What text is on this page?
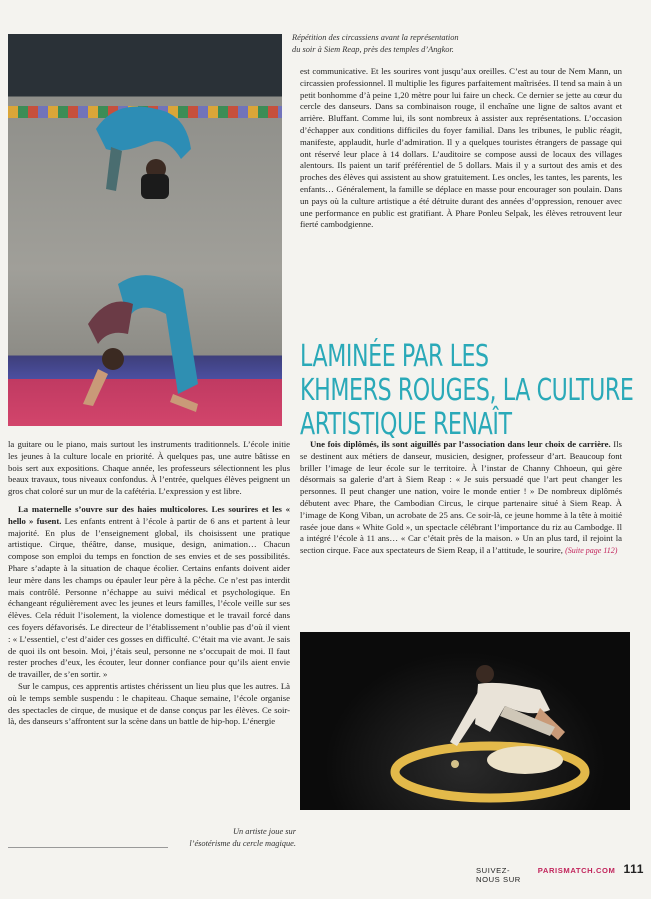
Répétition des circassiens avant la représentation
du soir à Siem Reap, près des temples d’Angkor.

est communicative. Et les sourires vont jusqu’aux oreilles. C’est au tour de Nem Mann, un circassien professionnel. Il multiplie les figures parfaitement maîtrisées. Il tend sa main à un petit bonhomme d’à peine 1,20 mètre pour lui faire un check. Ce dernier se jette au cœur du cercle des danseurs. Dans sa combinaison rouge, il enchaîne une ligne de saltos avant et arrière. Bluffant. Comme lui, ils sont nombreux à assister aux représentations. L’occasion d’échapper aux conditions difficiles du foyer familial. Dans les tribunes, le public réagit, manifeste, applaudit, hurle d’admiration. Il y a quelques touristes étrangers de passage qui ont réservé leur place à 14 dollars. L’auditoire se compose aussi de locaux des villages alentours. Ils paient un tarif préférentiel de 5 dollars. Mais il y a surtout des amis et des proches des élèves qui assistent au show gratuitement. Les oncles, les tantes, les parents, les enfants… Généralement, la famille se déplace en masse pour encourager son poulain. Dans un pays où la culture artistique a été détruite durant des années d’oppression, renouer avec une performance en public est gratifiant. À Phare Ponleu Selpak, les élèves retrouvent leur fierté cambodgienne.

LAMINÉE PAR LES
KHMERS ROUGES, LA CULTURE
ARTISTIQUE RENAÎT

la guitare ou le piano, mais surtout les instruments traditionnels. L’école initie les jeunes à la culture locale en priorité. À quelques pas, une autre bâtisse en bois sert aux expositions. Chaque année, les professeurs sélectionnent les plus beaux travaux, tous niveaux confondus. À l’entrée, quelques élèves peignent un gros chat coloré sur un mur de la cafétéria. L’expression y est libre.

La maternelle s’ouvre sur des haies multicolores. Les sourires et les « hello » fusent. Les enfants entrent à l’école à partir de 6 ans et partent à leur majorité. En plus de l’enseignement global, ils choisissent une pratique artistique. Cirque, théâtre, danse, musique, design, animation… Chacun compose son emploi du temps en fonction de ses envies et de ses possibilités. Phare s’adapte à la situation de chaque écolier. Certains enfants doivent aider leur mère dans les champs ou épauler leur père à la pêche. Ce n’est pas interdit mais contrôlé. Personne n’échappe au suivi médical et psychologique. En échangeant régulièrement avec les jeunes et leurs familles, l’école veille sur ses élèves. Cela réduit l’isolement, la violence domestique et le travail forcé dans ces foyers défavorisés. Le directeur de l’établissement n’oublie pas d’où il vient : « L’essentiel, c’est d’aider ces gosses en difficulté. C’était ma vie avant. Je sais de quoi ils ont besoin. Moi, j’étais seul, personne ne s’occupait de moi. Il faut rester proches d’eux, les écouter, leur donner confiance pour qu’ils aient envie de travailler, de s’en sortir. »

Sur le campus, ces apprentis artistes chérissent un lieu plus que les autres. Là où le temps semble suspendu : le chapiteau. Chaque semaine, l’école organise des spectacles de cirque, de musique et de danse conçus par les élèves. Ce soir-là, des danseurs s’affrontent sur la scène dans un battle de hip-hop. L’énergie

Une fois diplômés, ils sont aiguillés par l’association dans leur choix de carrière. Ils se destinent aux métiers de danseur, musicien, designer, professeur d’art. Beaucoup font briller l’image de leur école sur le territoire. À l’instar de Channy Chhoeun, qui gère désormais sa galerie d’art à Siem Reap : « Je suis persuadé que l’art peut changer les personnes. Il peut changer une nation, voire le monde entier ! » De nombreux diplômés débutent avec Phare, the Cambodian Circus, le cirque partenaire situé à Siem Reap. À l’image de Kong Viban, un acrobate de 25 ans. Ce soir-là, ce jeune homme à la tête à moitié rasée joue dans « White Gold », un spectacle célébrant l’importance du riz au Cambodge. Il a intégré l’école à 11 ans… « Car c’était près de la maison. » Un an plus tard, il rejoint la section cirque. Face aux spectateurs de Siem Reap, il a l’attitude, le sourire, (Suite page 112)

Un artiste joue sur
l’ésotérisme du cercle magique.
SUIVEZ-NOUS SUR
PARISMATCH.COM 111
